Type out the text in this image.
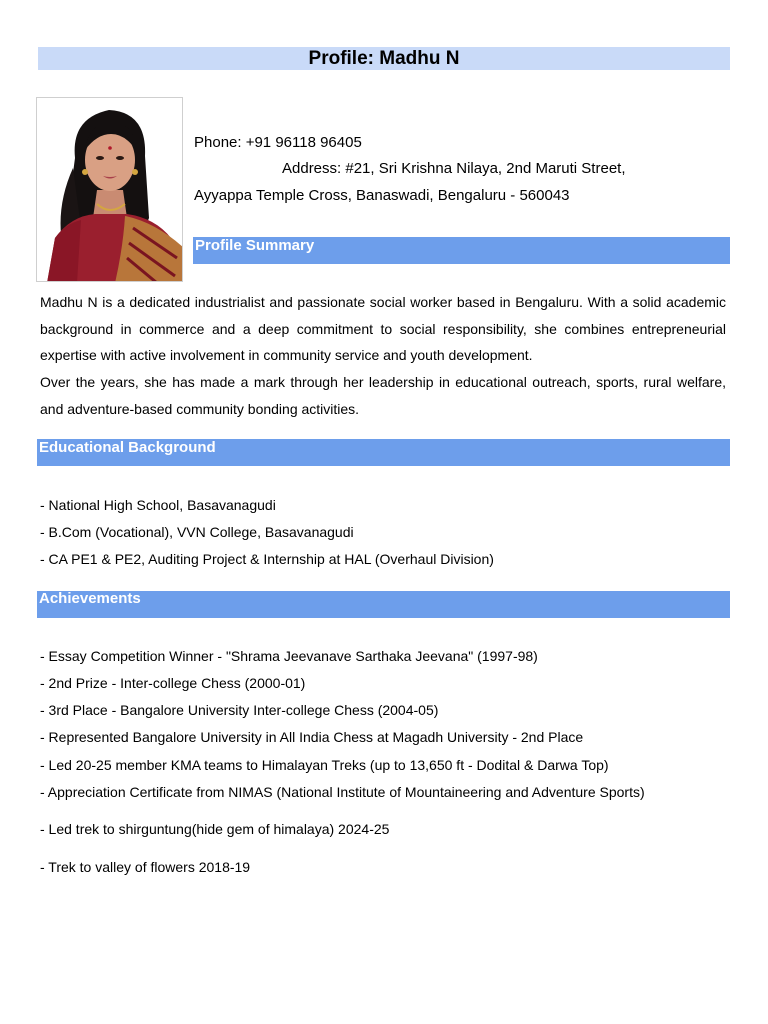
Profile: Madhu N

Phone: +91 96118 96405

Address: #21, Sri Krishna Nilaya, 2nd Maruti Street,

Ayyappa Temple Cross, Banaswadi, Bengaluru - 560043

Profile Summary

Madhu N is a dedicated industrialist and passionate social worker based in Bengaluru. With a solid academic background in commerce and a deep commitment to social responsibility, she combines entrepreneurial expertise with active involvement in community service and youth development.

Over the years, she has made a mark through her leadership in educational outreach, sports, rural welfare, and adventure-based community bonding activities.

Educational Background

- National High School, Basavanagudi

- B.Com (Vocational), VVN College, Basavanagudi

- CA PE1 & PE2, Auditing Project & Internship at HAL (Overhaul Division)

Achievements

- Essay Competition Winner - "Shrama Jeevanave Sarthaka Jeevana" (1997-98)

- 2nd Prize - Inter-college Chess (2000-01)

- 3rd Place - Bangalore University Inter-college Chess (2004-05)

- Represented Bangalore University in All India Chess at Magadh University - 2nd Place

- Led 20-25 member KMA teams to Himalayan Treks (up to 13,650 ft - Dodital & Darwa Top)

- Appreciation Certificate from NIMAS (National Institute of Mountaineering and Adventure Sports)

- Led trek to shirguntung(hide gem of himalaya) 2024-25

- Trek to valley of flowers 2018-19
